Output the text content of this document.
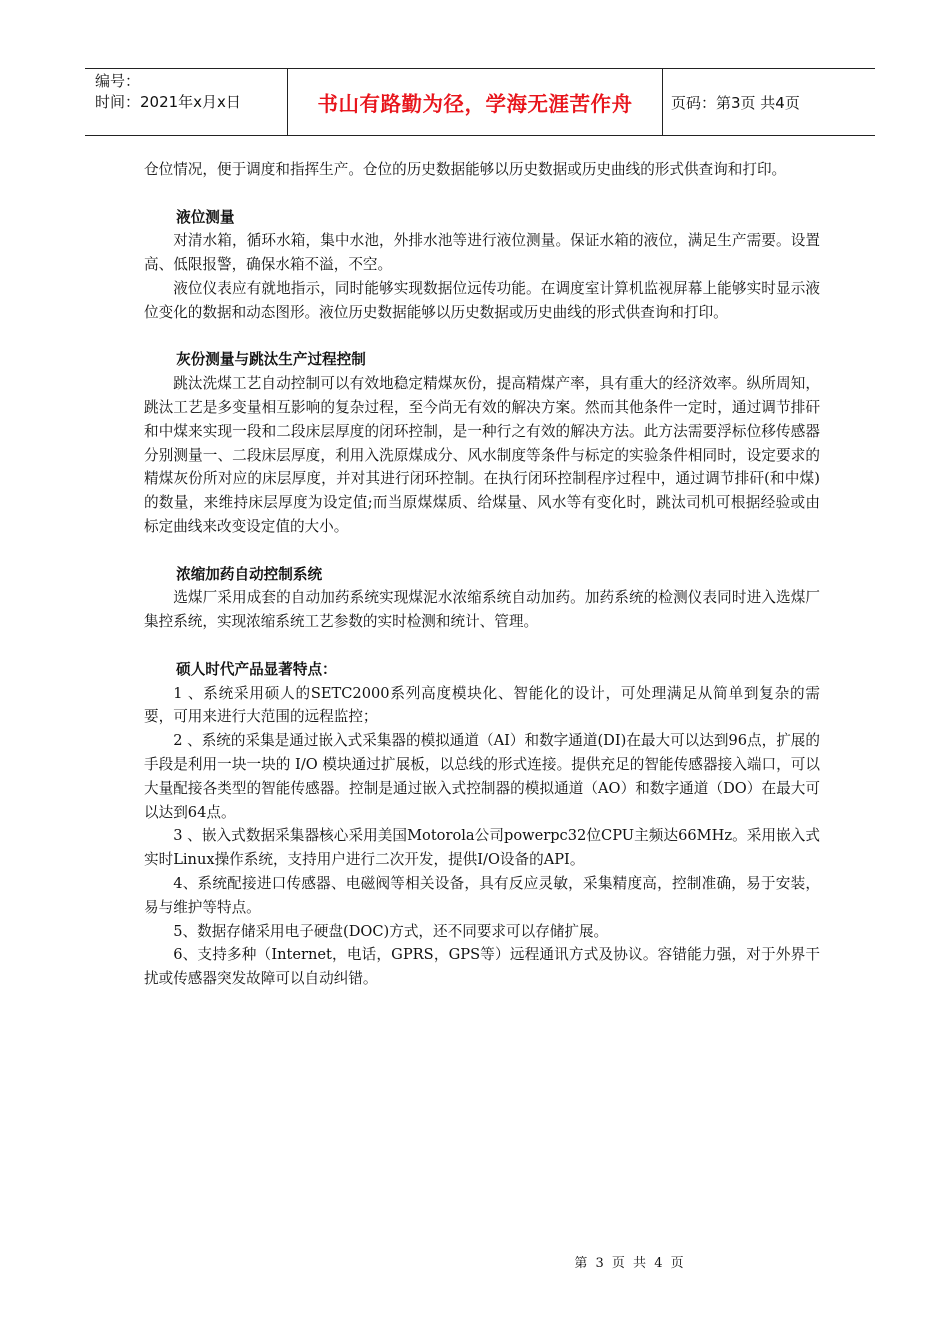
编号：
时间：2021年x月x日	书山有路勤为径，学海无涯苦作舟	页码：第3页 共4页

仓位情况，便于调度和指挥生产。仓位的历史数据能够以历史数据或历史曲线的形式供查询和打印。

液位测量

对清水箱，循环水箱，集中水池，外排水池等进行液位测量。保证水箱的液位，满足生产需要。设置高、低限报警，确保水箱不溢，不空。

液位仪表应有就地指示，同时能够实现数据位远传功能。在调度室计算机监视屏幕上能够实时显示液位变化的数据和动态图形。液位历史数据能够以历史数据或历史曲线的形式供查询和打印。

灰份测量与跳汰生产过程控制

跳汰洗煤工艺自动控制可以有效地稳定精煤灰份，提高精煤产率，具有重大的经济效率。纵所周知，跳汰工艺是多变量相互影响的复杂过程，至今尚无有效的解决方案。然而其他条件一定时，通过调节排矸和中煤来实现一段和二段床层厚度的闭环控制，是一种行之有效的解决方法。此方法需要浮标位移传感器分别测量一、二段床层厚度，利用入洗原煤成分、风水制度等条件与标定的实验条件相同时，设定要求的精煤灰份所对应的床层厚度，并对其进行闭环控制。在执行闭环控制程序过程中，通过调节排矸(和中煤)的数量，来维持床层厚度为设定值;而当原煤煤质、给煤量、风水等有变化时，跳汰司机可根据经验或由标定曲线来改变设定值的大小。

浓缩加药自动控制系统

选煤厂采用成套的自动加药系统实现煤泥水浓缩系统自动加药。加药系统的检测仪表同时进入选煤厂集控系统，实现浓缩系统工艺参数的实时检测和统计、管理。

硕人时代产品显著特点：

1 、系统采用硕人的SETC2000系列高度模块化、智能化的设计，可处理满足从简单到复杂的需要，可用来进行大范围的远程监控；

2 、系统的采集是通过嵌入式采集器的模拟通道（AI）和数字通道(DI)在最大可以达到96点，扩展的手段是利用一块一块的 I/O 模块通过扩展板，以总线的形式连接。提供充足的智能传感器接入端口，可以大量配接各类型的智能传感器。控制是通过嵌入式控制器的模拟通道（AO）和数字通道（DO）在最大可以达到64点。

3 、嵌入式数据采集器核心采用美国Motorola公司powerpc32位CPU主频达66MHz。采用嵌入式实时Linux操作系统，支持用户进行二次开发，提供I/O设备的API。

4、系统配接进口传感器、电磁阀等相关设备，具有反应灵敏，采集精度高，控制准确，易于安装，易与维护等特点。

5、数据存储采用电子硬盘(DOC)方式，还不同要求可以存储扩展。

6、支持多种（Internet，电话，GPRS，GPS等）远程通讯方式及协议。容错能力强，对于外界干扰或传感器突发故障可以自动纠错。

第 3 页 共 4 页
